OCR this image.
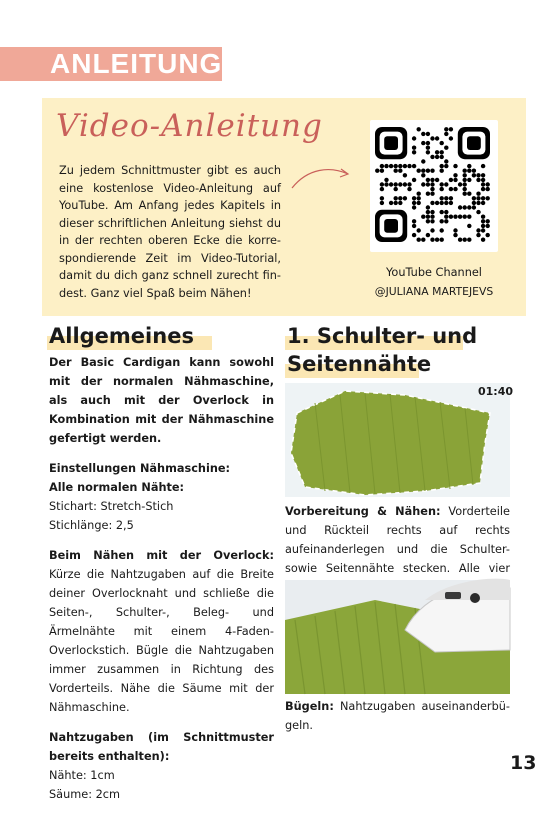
ANLEITUNG
Video-Anleitung
Zu jedem Schnittmuster gibt es auch eine kostenlose Video-Anleitung auf YouTube. Am Anfang jedes Kapitels in dieser schriftlichen Anleitung siehst du in der rechten oberen Ecke die korrespondierende Zeit im Video-Tutorial, damit du dich ganz schnell zurecht findest. Ganz viel Spaß beim Nähen!
YouTube Channel
@JULIANA MARTEJEVS
Allgemeines	1. Schulter- und
Seitennähte

Der Basic Cardigan kann sowohl mit der normalen Nähmaschine, als auch mit der Overlock in Kombination mit der Nähmaschine gefertigt werden.

Einstellungen Nähmaschine:
Alle normalen Nähte:
Stichart: Stretch-Stich
Stichlänge: 2,5

Beim Nähen mit der Overlock: Kürze die Nahtzugaben auf die Breite deiner Overlocknaht und schließe die Seiten-, Schulter-, Beleg- und Ärmelnähte mit einem 4-Faden-Overlockstich. Bügle die Nahtzugaben immer zusammen in Richtung des Vorderteils. Nähe die Säume mit der Nähmaschine.

Nahtzugaben (im Schnittmuster bereits enthalten):
Nähte: 1cm
Säume: 2cm

01:40
Vorbereitung & Nähen: Vorderteile und Rückteil rechts auf rechts aufeinanderlegen und die Schulter- sowie Seitennähte stecken. Alle vier
Bügeln: Nahtzugaben auseinanderbügeln.
13
